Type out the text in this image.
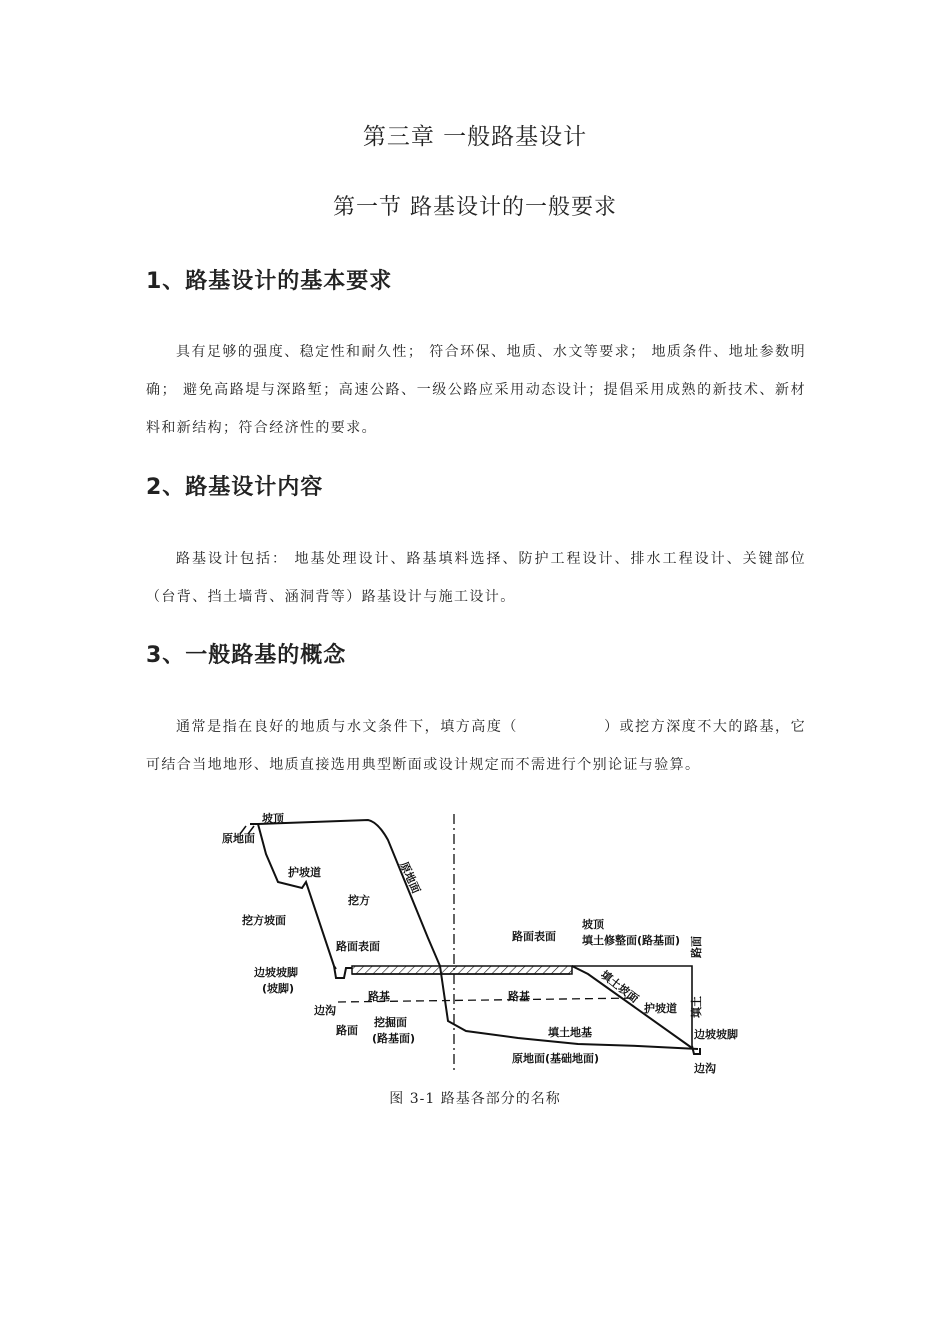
第三章 一般路基设计
第一节 路基设计的一般要求
1、路基设计的基本要求

具有足够的强度、稳定性和耐久性； 符合环保、地质、水文等要求； 地质条件、地址参数明确； 避免高路堤与深路堑；高速公路、一级公路应采用动态设计；提倡采用成熟的新技术、新材料和新结构；符合经济性的要求。

2、路基设计内容

路基设计包括： 地基处理设计、路基填料选择、防护工程设计、排水工程设计、关键部位（台背、挡土墙背、涵洞背等）路基设计与施工设计。

3、一般路基的概念

通常是指在良好的地质与水文条件下，填方高度（	）或挖方深度不大的路基，它可结合当地地形、地质直接选用典型断面或设计规定而不需进行个别论证与验算。

坡顶
原地面
护坡道
挖方
原地面
挖方坡面
路面表面
边坡坡脚
(坡脚)
边沟
路基
路面
挖掘面
(路基面)
路面表面
坡顶
填土修整面(路基面)
路基	填土坡面
护坡道
路面
填土
填土地基	边坡坡脚
原地面(基础地面)
边沟
图 3-1 路基各部分的名称
